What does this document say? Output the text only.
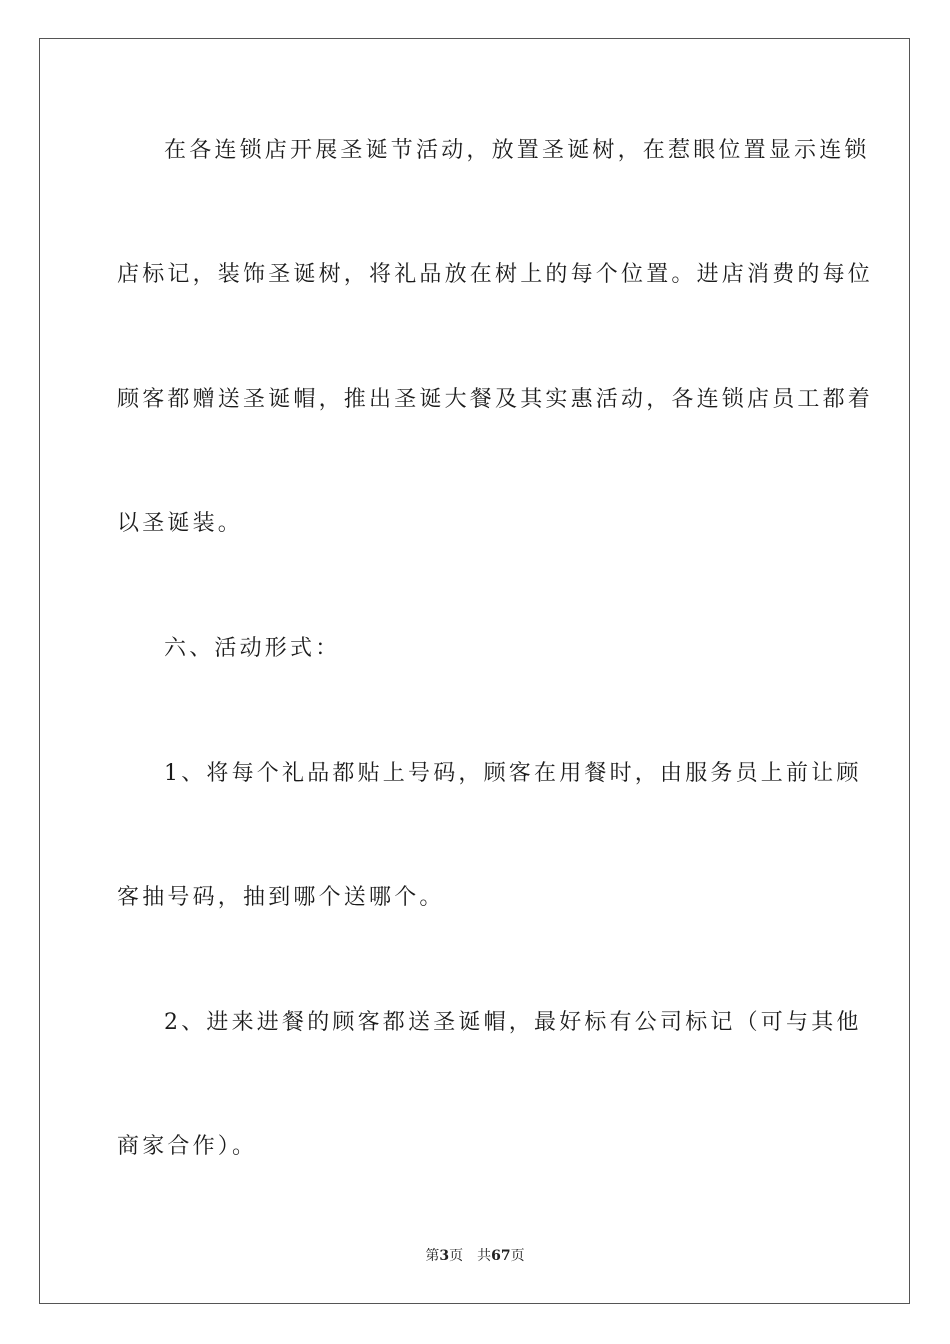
在各连锁店开展圣诞节活动，放置圣诞树，在惹眼位置显示连锁
店标记，装饰圣诞树，将礼品放在树上的每个位置。进店消费的每位
顾客都赠送圣诞帽，推出圣诞大餐及其实惠活动，各连锁店员工都着
以圣诞装。
六、活动形式：
1、将每个礼品都贴上号码，顾客在用餐时，由服务员上前让顾
客抽号码，抽到哪个送哪个。
2、进来进餐的顾客都送圣诞帽，最好标有公司标记（可与其他
商家合作）。
第3页 共67页
